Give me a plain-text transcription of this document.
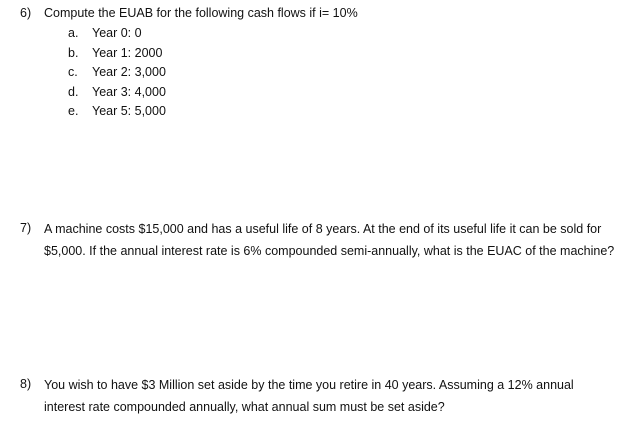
6) Compute the EUAB for the following cash flows if i= 10%
a. Year 0: 0
b. Year 1: 2000
c. Year 2: 3,000
d. Year 3: 4,000
e. Year 5: 5,000
7) A machine costs $15,000 and has a useful life of 8 years. At the end of its useful life it can be sold for $5,000. If the annual interest rate is 6% compounded semi-annually, what is the EUAC of the machine?
8) You wish to have $3 Million set aside by the time you retire in 40 years. Assuming a 12% annual interest rate compounded annually, what annual sum must be set aside?
